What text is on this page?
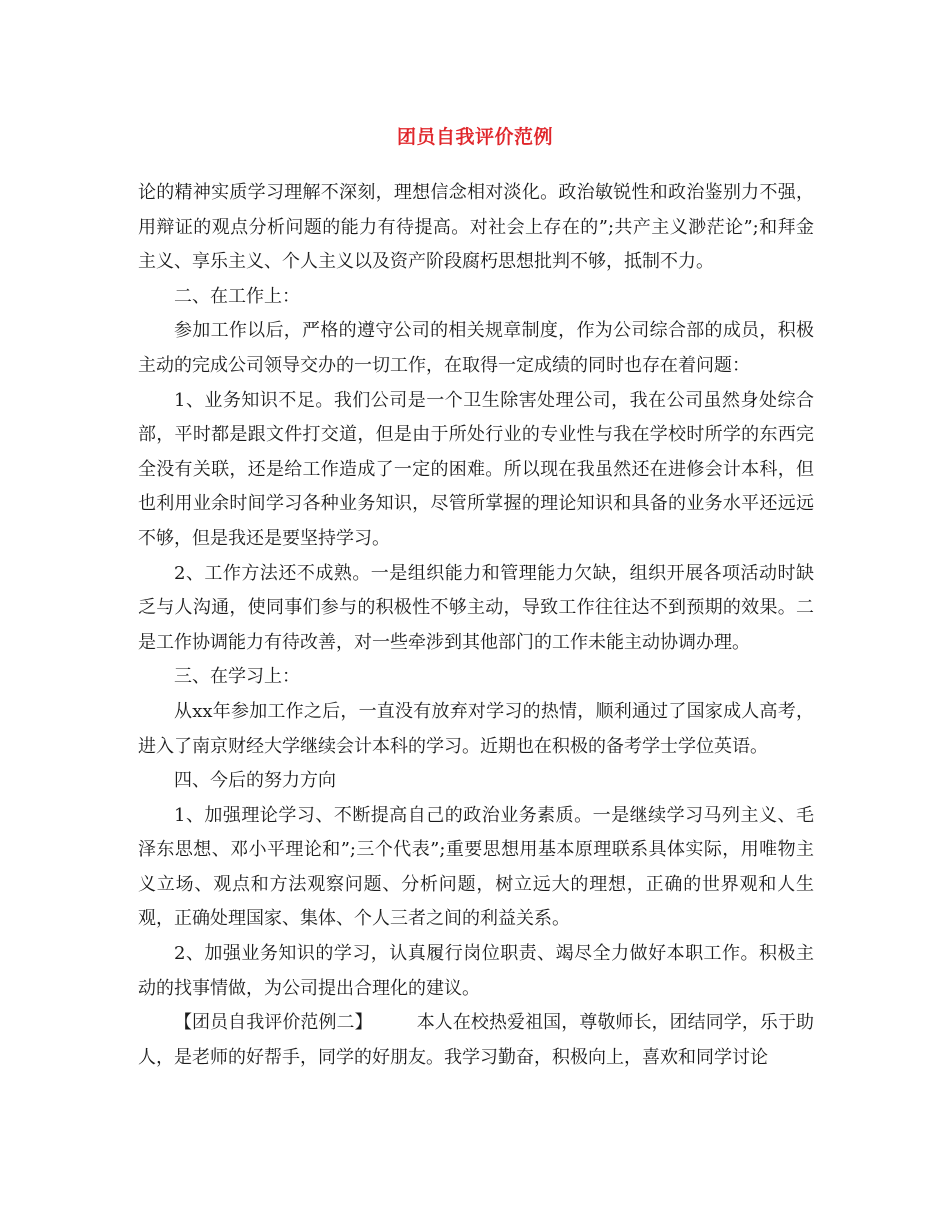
团员自我评价范例

论的精神实质学习理解不深刻，理想信念相对淡化。政治敏锐性和政治鉴别力不强，用辩证的观点分析问题的能力有待提高。对社会上存在的”;共产主义渺茫论”;和拜金主义、享乐主义、个人主义以及资产阶段腐朽思想批判不够，抵制不力。

二、在工作上：

参加工作以后，严格的遵守公司的相关规章制度，作为公司综合部的成员，积极主动的完成公司领导交办的一切工作，在取得一定成绩的同时也存在着问题：

1、业务知识不足。我们公司是一个卫生除害处理公司，我在公司虽然身处综合部，平时都是跟文件打交道，但是由于所处行业的专业性与我在学校时所学的东西完全没有关联，还是给工作造成了一定的困难。所以现在我虽然还在进修会计本科，但也利用业余时间学习各种业务知识，尽管所掌握的理论知识和具备的业务水平还远远不够，但是我还是要坚持学习。

2、工作方法还不成熟。一是组织能力和管理能力欠缺，组织开展各项活动时缺乏与人沟通，使同事们参与的积极性不够主动，导致工作往往达不到预期的效果。二是工作协调能力有待改善，对一些牵涉到其他部门的工作未能主动协调办理。

三、在学习上：

从xx年参加工作之后，一直没有放弃对学习的热情，顺利通过了国家成人高考，进入了南京财经大学继续会计本科的学习。近期也在积极的备考学士学位英语。

四、今后的努力方向

1、加强理论学习、不断提高自己的政治业务素质。一是继续学习马列主义、毛泽东思想、邓小平理论和”;三个代表”;重要思想用基本原理联系具体实际，用唯物主义立场、观点和方法观察问题、分析问题，树立远大的理想，正确的世界观和人生观，正确处理国家、集体、个人三者之间的利益关系。

2、加强业务知识的学习，认真履行岗位职责、竭尽全力做好本职工作。积极主动的找事情做，为公司提出合理化的建议。

【团员自我评价范例二】 本人在校热爱祖国，尊敬师长，团结同学，乐于助人，是老师的好帮手，同学的好朋友。我学习勤奋，积极向上，喜欢和同学讨论
